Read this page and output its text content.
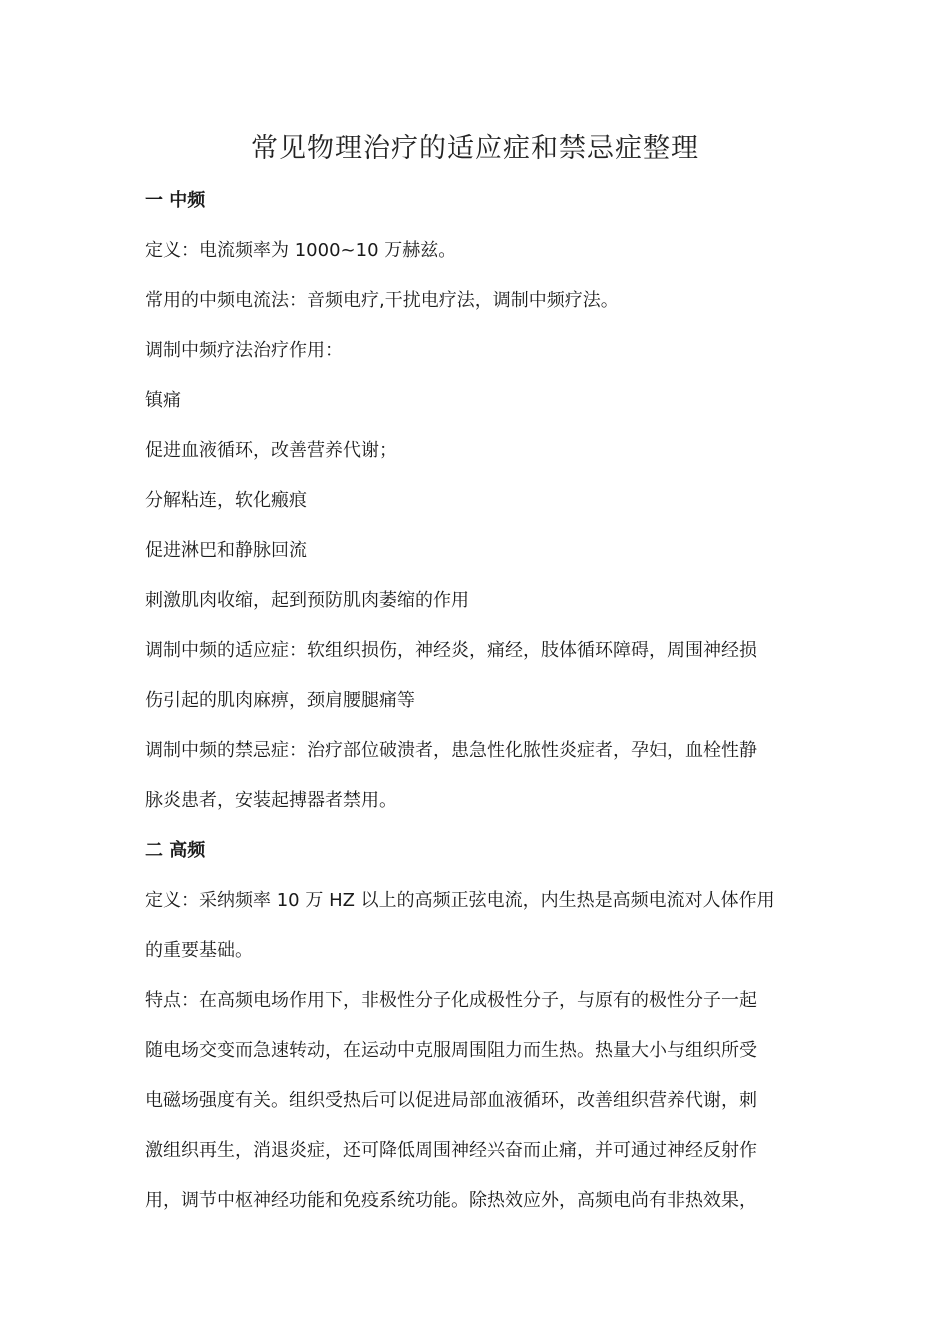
常见物理治疗的适应症和禁忌症整理

一 中频

定义：电流频率为 1000~10 万赫兹。

常用的中频电流法：音频电疗,干扰电疗法，调制中频疗法。

调制中频疗法治疗作用：

镇痛

促进血液循环，改善营养代谢；

分解粘连，软化瘢痕

促进淋巴和静脉回流

刺激肌肉收缩，起到预防肌肉萎缩的作用

调制中频的适应症：软组织损伤，神经炎，痛经，肢体循环障碍，周围神经损

伤引起的肌肉麻痹，颈肩腰腿痛等

调制中频的禁忌症：治疗部位破溃者，患急性化脓性炎症者，孕妇，血栓性静

脉炎患者，安装起搏器者禁用。

二 高频

定义：采纳频率 10 万 HZ 以上的高频正弦电流，内生热是高频电流对人体作用

的重要基础。

特点：在高频电场作用下，非极性分子化成极性分子，与原有的极性分子一起

随电场交变而急速转动，在运动中克服周围阻力而生热。热量大小与组织所受

电磁场强度有关。组织受热后可以促进局部血液循环，改善组织营养代谢，刺

激组织再生，消退炎症，还可降低周围神经兴奋而止痛，并可通过神经反射作

用，调节中枢神经功能和免疫系统功能。除热效应外，高频电尚有非热效果，
